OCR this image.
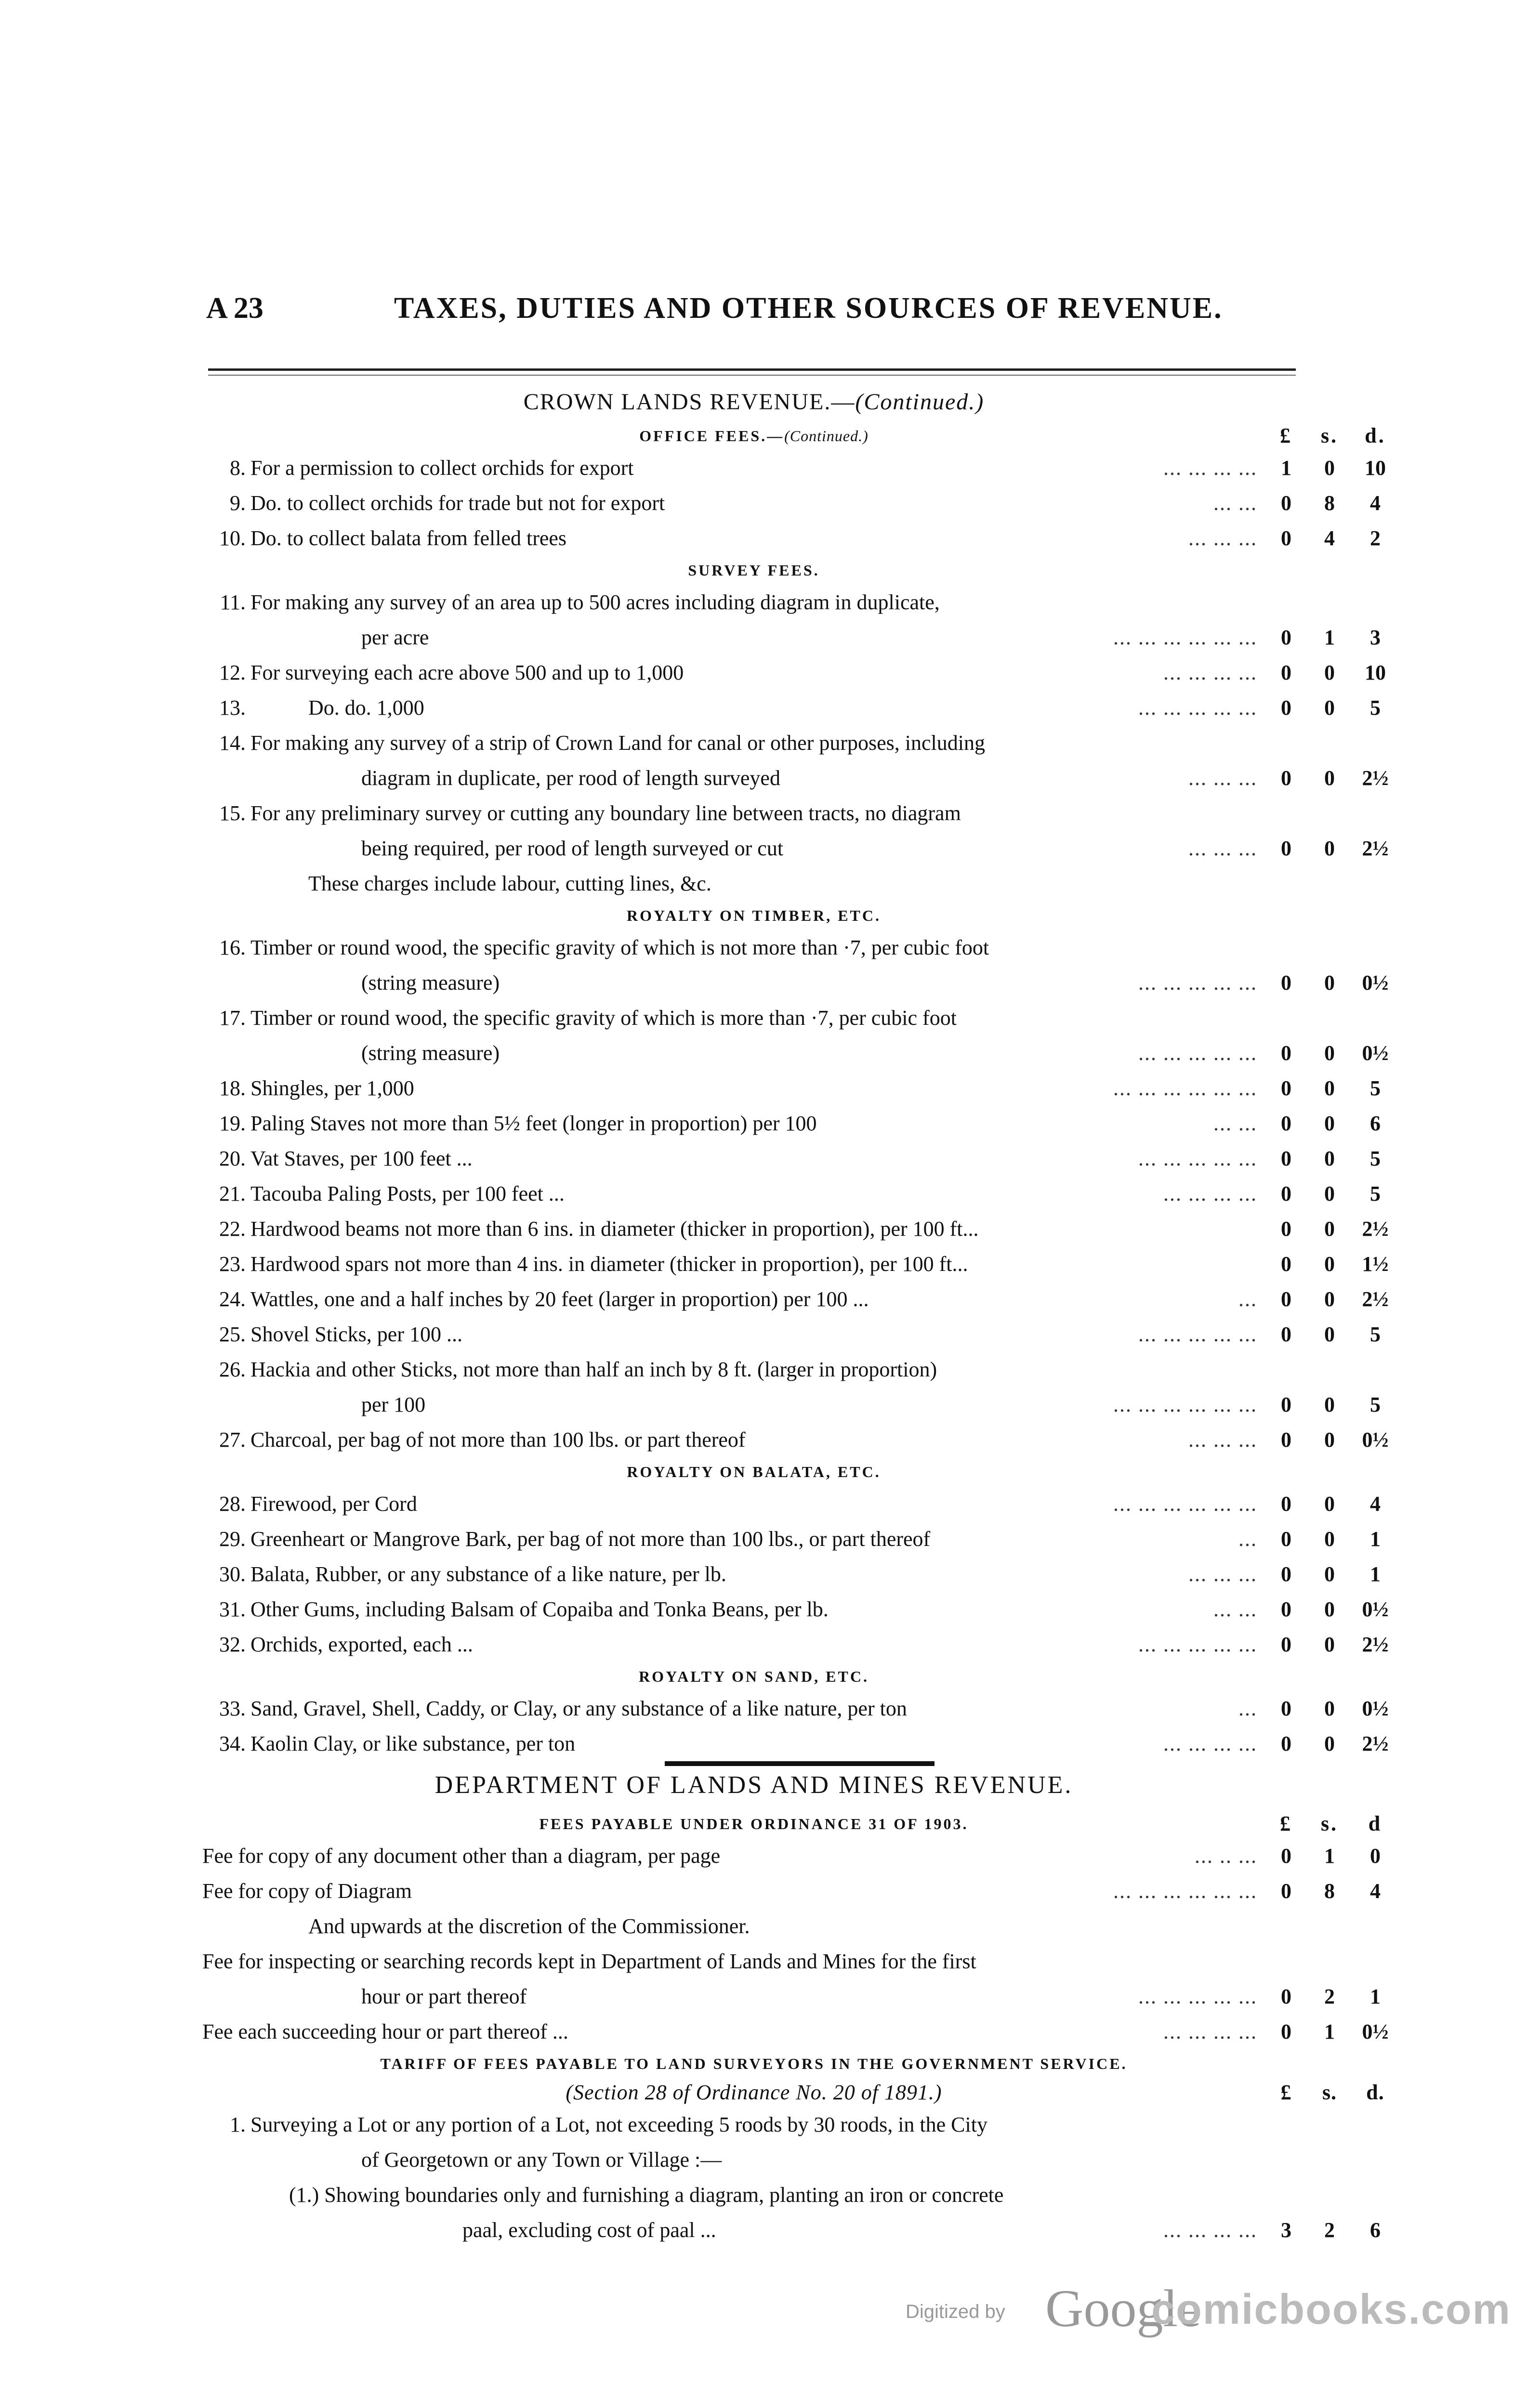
A 23	TAXES, DUTIES AND OTHER SOURCES OF REVENUE.
CROWN LANDS REVENUE.—(Continued.)
OFFICE FEES.—(Continued.)	£	s.	d.
8. For a permission to collect orchids for export	... ... ... ...	1	0	10
9. Do. to collect orchids for trade but not for export	... ...	0	8	4
10. Do. to collect balata from felled trees	... ... ...	0	4	2
SURVEY FEES.
11. For making any survey of an area up to 500 acres including diagram in duplicate,
per acre	... ... ... ... ... ...	0	1	3
12. For surveying each acre above 500 and up to 1,000	... ... ... ...	0	0	10
13.	Do. do. 1,000	... ... ... ... ...	0	0	5
14. For making any survey of a strip of Crown Land for canal or other purposes, including
diagram in duplicate, per rood of length surveyed	... ... ...	0	0	2½
15. For any preliminary survey or cutting any boundary line between tracts, no diagram
being required, per rood of length surveyed or cut	... ... ...	0	0	2½
These charges include labour, cutting lines, &c.
ROYALTY ON TIMBER, ETC.
16. Timber or round wood, the specific gravity of which is not more than ·7, per cubic foot
(string measure)	... ... ... ... ...	0	0	0½
17. Timber or round wood, the specific gravity of which is more than ·7, per cubic foot
(string measure)	... ... ... ... ...	0	0	0½
18. Shingles, per 1,000	... ... ... ... ... ...	0	0	5
19. Paling Staves not more than 5½ feet (longer in proportion) per 100	... ...	0	0	6
20. Vat Staves, per 100 feet ...	... ... ... ... ...	0	0	5
21. Tacouba Paling Posts, per 100 feet ...	... ... ... ...	0	0	5
22. Hardwood beams not more than 6 ins. in diameter (thicker in proportion), per 100 ft...	0	0	2½
23. Hardwood spars not more than 4 ins. in diameter (thicker in proportion), per 100 ft...	0	0	1½
24. Wattles, one and a half inches by 20 feet (larger in proportion) per 100 ...	...	0	0	2½
25. Shovel Sticks, per 100 ...	... ... ... ... ...	0	0	5
26. Hackia and other Sticks, not more than half an inch by 8 ft. (larger in proportion)
per 100	... ... ... ... ... ...	0	0	5
27. Charcoal, per bag of not more than 100 lbs. or part thereof	... ... ...	0	0	0½
ROYALTY ON BALATA, ETC.
28. Firewood, per Cord	... ... ... ... ... ...	0	0	4
29. Greenheart or Mangrove Bark, per bag of not more than 100 lbs., or part thereof	...	0	0	1
30. Balata, Rubber, or any substance of a like nature, per lb.	... ... ...	0	0	1
31. Other Gums, including Balsam of Copaiba and Tonka Beans, per lb.	... ...	0	0	0½
32. Orchids, exported, each ...	... ... ... ... ...	0	0	2½
ROYALTY ON SAND, ETC.
33. Sand, Gravel, Shell, Caddy, or Clay, or any substance of a like nature, per ton	...	0	0	0½
34. Kaolin Clay, or like substance, per ton	... ... ... ...	0	0	2½
DEPARTMENT OF LANDS AND MINES REVENUE.
FEES PAYABLE UNDER ORDINANCE 31 OF 1903.	£	s.	d
Fee for copy of any document other than a diagram, per page	... .. ...	0	1	0
Fee for copy of Diagram	... ... ... ... ... ...	0	8	4
And upwards at the discretion of the Commissioner.
Fee for inspecting or searching records kept in Department of Lands and Mines for the first
hour or part thereof	... ... ... ... ...	0	2	1
Fee each succeeding hour or part thereof ...	... ... ... ...	0	1	0½
TARIFF OF FEES PAYABLE TO LAND SURVEYORS IN THE GOVERNMENT SERVICE.
(Section 28 of Ordinance No. 20 of 1891.)	£	s.	d.
1. Surveying a Lot or any portion of a Lot, not exceeding 5 roods by 30 roods, in the City
of Georgetown or any Town or Village :—
(1.) Showing boundaries only and furnishing a diagram, planting an iron or concrete
paal, excluding cost of paal ...	... ... ... ...	3	2	6
Digitized by Google
comicbooks.com
